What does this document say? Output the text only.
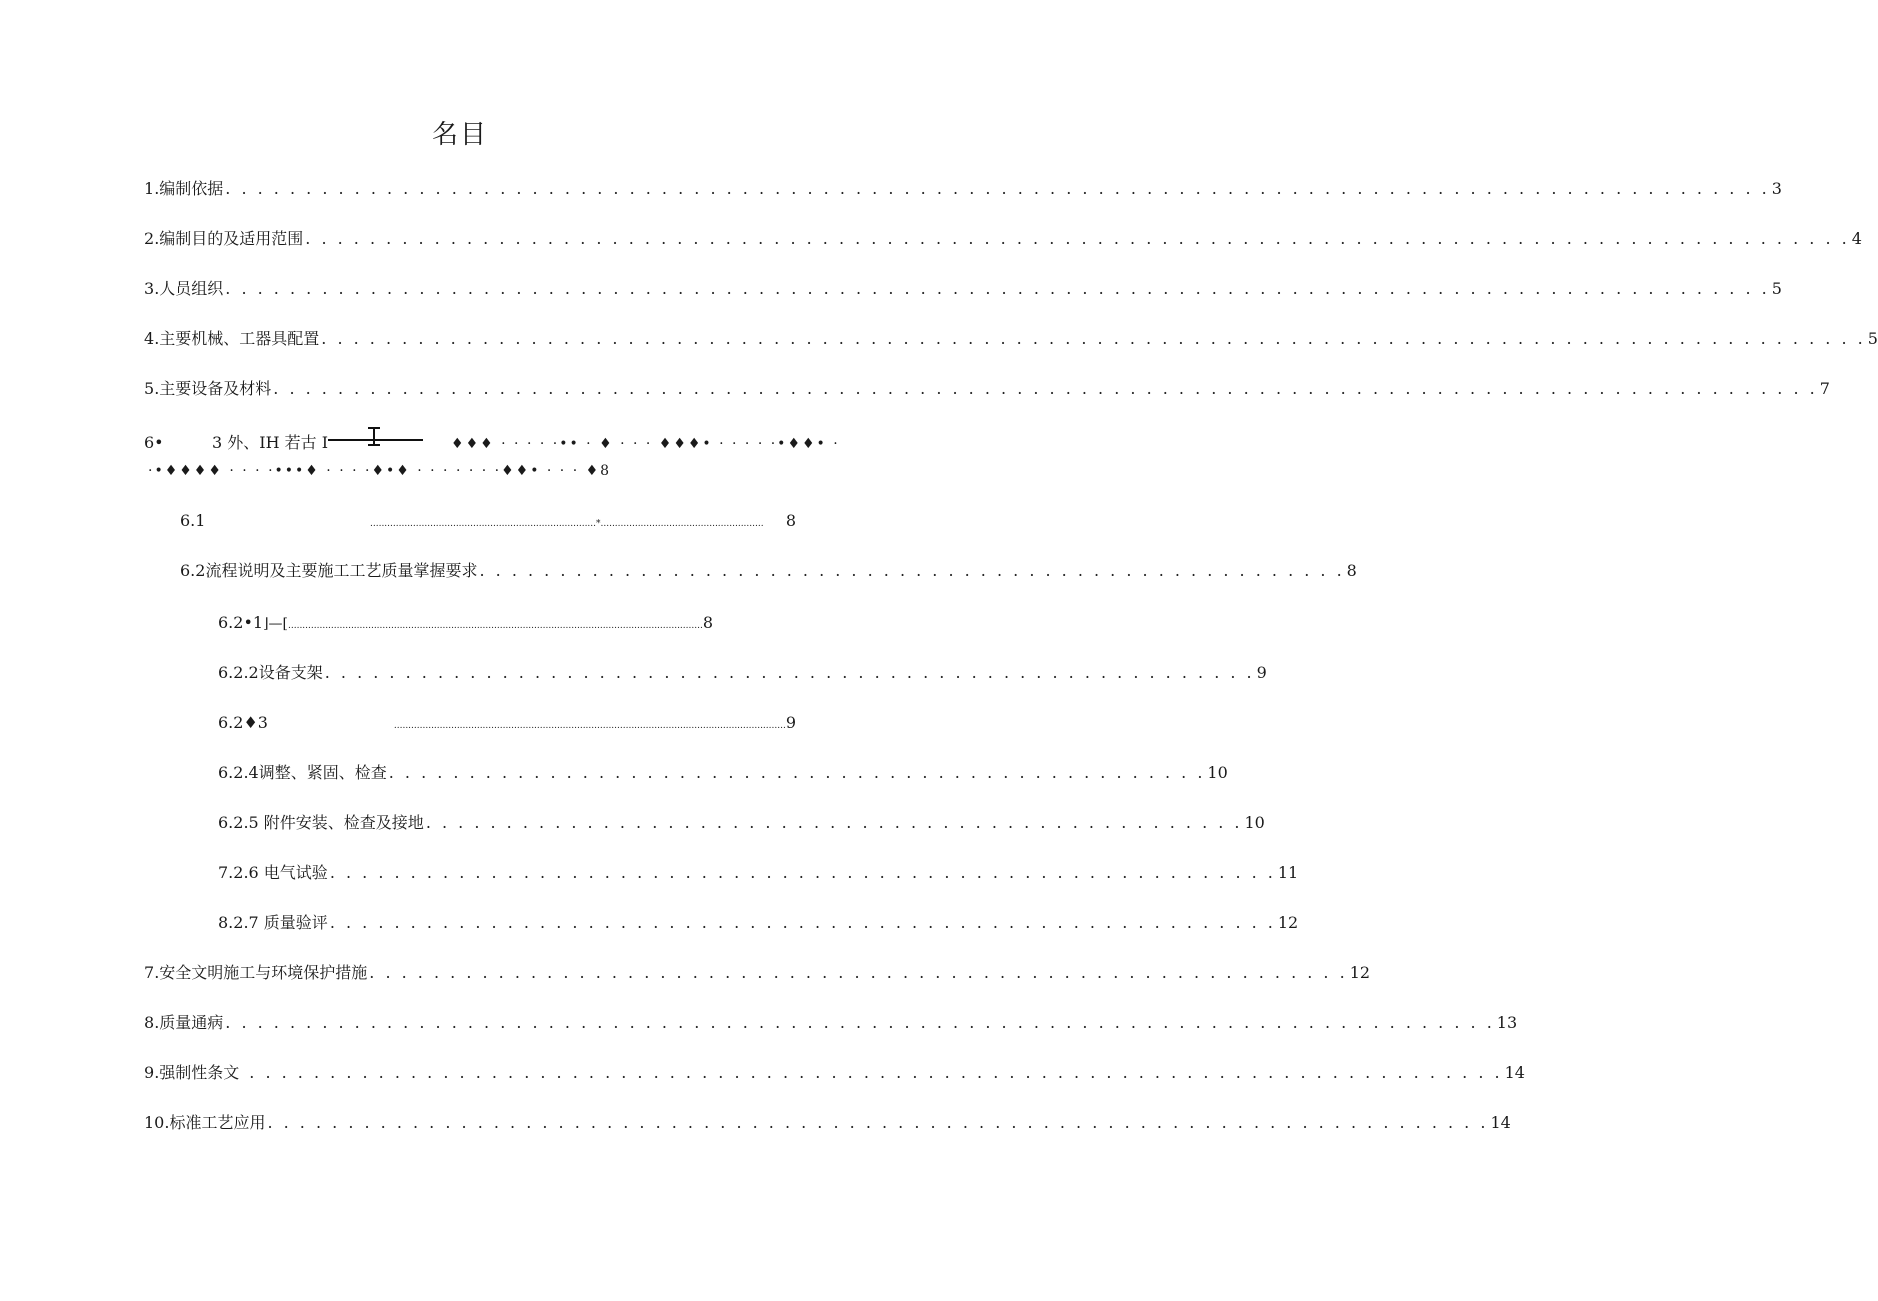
名目
1 .编制依据 . . . . . . . . . . . . . . . . . . . . . . . . . . . . . . . . . . . . . . . . . . . . . . . . . . . . . . . . . . . . . . . . . . . . . . . . . . . . . . . . . . . . . . . . . . . . . . . . 3
2 .编制目的及适用范围 . . . . . . . . . . . . . . . . . . . . . . . . . . . . . . . . . . . . . . . . . . . . . . . . . . . . . . . . . . . . . . . . . . . . . . . . . . . . . . . . . . . . . . . . . . . . . . . . 4
3 .人员组织 . . . . . . . . . . . . . . . . . . . . . . . . . . . . . . . . . . . . . . . . . . . . . . . . . . . . . . . . . . . . . . . . . . . . . . . . . . . . . . . . . . . . . . . . . . . . . . . . 5
4 .主要机械、工器具配置 . . . . . . . . . . . . . . . . . . . . . . . . . . . . . . . . . . . . . . . . . . . . . . . . . . . . . . . . . . . . . . . . . . . . . . . . . . . . . . . . . . . . . . . . . . . . . . . . 5
5 .主要设备及材料 . . . . . . . . . . . . . . . . . . . . . . . . . . . . . . . . . . . . . . . . . . . . . . . . . . . . . . . . . . . . . . . . . . . . . . . . . . . . . . . . . . . . . . . . . . . . . . . . 7
6•	3 外、IH 若古 I	♦♦♦ · · · · ·•• · ♦ · · · ♦♦♦• · · · · ·•♦♦• ·
·•♦♦♦♦ · · · ·•••♦ · · · ·♦•♦ · · · · · · ·♦♦• · · · ♦8
6.1	...............................................................................*.........................................................	8
6.2 流程说明及主要施工工艺质量掌握要求 . . . . . . . . . . . . . . . . . . . . . . . . . . . . . . . . . . . . . . . . . . . . . . . . . . . . . . 8
6.2•1 ⌋—[ ................................................................................................................................................. 8
6.2.2 设备支架 . . . . . . . . . . . . . . . . . . . . . . . . . . . . . . . . . . . . . . . . . . . . . . . . . . . . . . . . . . 9
6.2♦3	......................................................................................................................................... 9
6.2.4 调整、紧固、检查 . . . . . . . . . . . . . . . . . . . . . . . . . . . . . . . . . . . . . . . . . . . . . . . . . . . 10
6. 2.5 附件安装、检查及接地 . . . . . . . . . . . . . . . . . . . . . . . . . . . . . . . . . . . . . . . . . . . . . . . . . . . 10
7. 2.6 电气试验 . . . . . . . . . . . . . . . . . . . . . . . . . . . . . . . . . . . . . . . . . . . . . . . . . . . . . . . . . . . 11
8. 2.7 质量验评 . . . . . . . . . . . . . . . . . . . . . . . . . . . . . . . . . . . . . . . . . . . . . . . . . . . . . . . . . . . 12
7 .安全文明施工与环境保护措施 . . . . . . . . . . . . . . . . . . . . . . . . . . . . . . . . . . . . . . . . . . . . . . . . . . . . . . . . . . . . . 12
8 .质量通病 . . . . . . . . . . . . . . . . . . . . . . . . . . . . . . . . . . . . . . . . . . . . . . . . . . . . . . . . . . . . . . . . . . . . . . . . . . . . . . . 13
9 .强制性条文 . . . . . . . . . . . . . . . . . . . . . . . . . . . . . . . . . . . . . . . . . . . . . . . . . . . . . . . . . . . . . . . . . . . . . . . . . . . . . . 14
10 .标准工艺应用 . . . . . . . . . . . . . . . . . . . . . . . . . . . . . . . . . . . . . . . . . . . . . . . . . . . . . . . . . . . . . . . . . . . . . . . . . . . . 14
